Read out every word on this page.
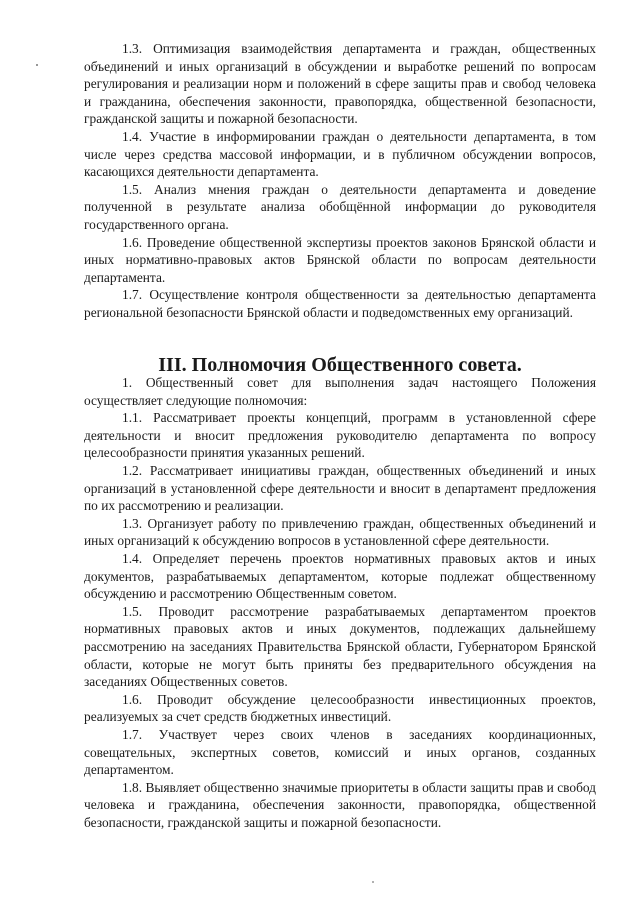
1.3. Оптимизация взаимодействия департамента и граждан, общественных объединений и иных организаций в обсуждении и выработке решений по вопросам регулирования и реализации норм и положений в сфере защиты прав и свобод человека и гражданина, обеспечения законности, правопорядка, общественной безопасности, гражданской защиты и пожарной безопасности.

1.4. Участие в информировании граждан о деятельности департамента, в том числе через средства массовой информации, и в публичном обсуждении вопросов, касающихся деятельности департамента.

1.5. Анализ мнения граждан о деятельности департамента и доведение полученной в результате анализа обобщённой информации до руководителя государственного органа.

1.6. Проведение общественной экспертизы проектов законов Брянской области и иных нормативно-правовых актов Брянской области по вопросам деятельности департамента.

1.7. Осуществление контроля общественности за деятельностью департамента региональной безопасности Брянской области и подведомственных ему организаций.

III. Полномочия Общественного совета.

1. Общественный совет для выполнения задач настоящего Положения осуществляет следующие полномочия:

1.1. Рассматривает проекты концепций, программ в установленной сфере деятельности и вносит предложения руководителю департамента по вопросу целесообразности принятия указанных решений.

1.2. Рассматривает инициативы граждан, общественных объединений и иных организаций в установленной сфере деятельности и вносит в департамент предложения по их рассмотрению и реализации.

1.3. Организует работу по привлечению граждан, общественных объединений и иных организаций к обсуждению вопросов в установленной сфере деятельности.

1.4. Определяет перечень проектов нормативных правовых актов и иных документов, разрабатываемых департаментом, которые подлежат общественному обсуждению и рассмотрению Общественным советом.

1.5. Проводит рассмотрение разрабатываемых департаментом проектов нормативных правовых актов и иных документов, подлежащих дальнейшему рассмотрению на заседаниях Правительства Брянской области, Губернатором Брянской области, которые не могут быть приняты без предварительного обсуждения на заседаниях Общественных советов.

1.6. Проводит обсуждение целесообразности инвестиционных проектов, реализуемых за счет средств бюджетных инвестиций.

1.7. Участвует через своих членов в заседаниях координационных, совещательных, экспертных советов, комиссий и иных органов, созданных департаментом.

1.8. Выявляет общественно значимые приоритеты в области защиты прав и свобод человека и гражданина, обеспечения законности, правопорядка, общественной безопасности, гражданской защиты и пожарной безопасности.
